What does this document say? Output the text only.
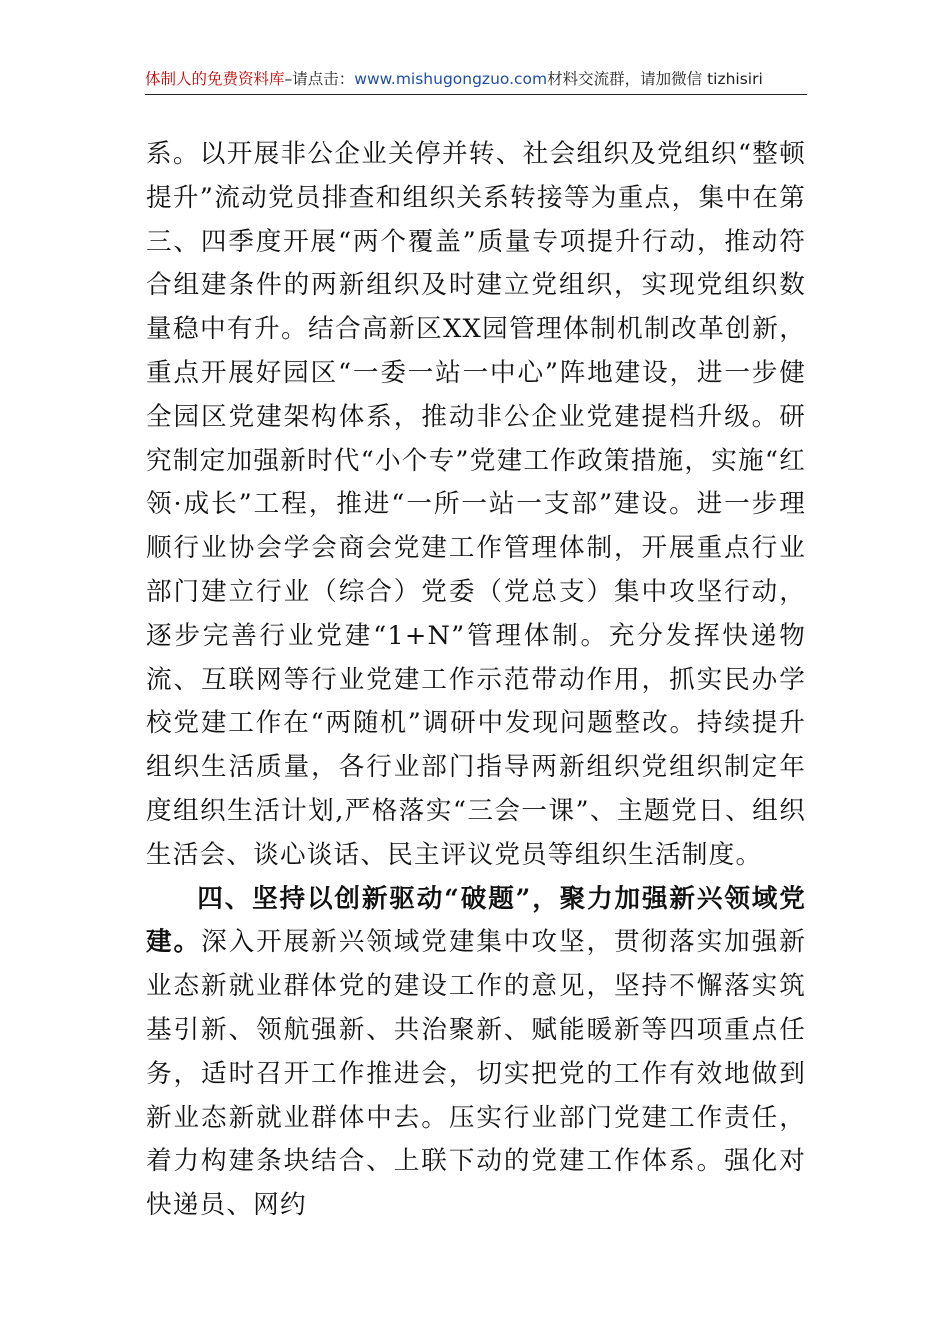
体制人的免费资料库–请点击：www.mishugongzuo.com材料交流群，请加微信 tizhisiri

系。以开展非公企业关停并转、社会组织及党组织“整顿提升”流动党员排查和组织关系转接等为重点，集中在第三、四季度开展“两个覆盖”质量专项提升行动，推动符合组建条件的两新组织及时建立党组织，实现党组织数量稳中有升。结合高新区XX园管理体制机制改革创新，重点开展好园区“一委一站一中心”阵地建设，进一步健全园区党建架构体系，推动非公企业党建提档升级。研究制定加强新时代“小个专”党建工作政策措施，实施“红领·成长”工程，推进“一所一站一支部”建设。进一步理顺行业协会学会商会党建工作管理体制，开展重点行业部门建立行业（综合）党委（党总支）集中攻坚行动，逐步完善行业党建“1+N”管理体制。充分发挥快递物流、互联网等行业党建工作示范带动作用，抓实民办学校党建工作在“两随机”调研中发现问题整改。持续提升组织生活质量，各行业部门指导两新组织党组织制定年度组织生活计划,严格落实“三会一课”、主题党日、组织生活会、谈心谈话、民主评议党员等组织生活制度。

四、坚持以创新驱动“破题”，聚力加强新兴领域党建。深入开展新兴领域党建集中攻坚，贯彻落实加强新业态新就业群体党的建设工作的意见，坚持不懈落实筑基引新、领航强新、共治聚新、赋能暖新等四项重点任务，适时召开工作推进会，切实把党的工作有效地做到新业态新就业群体中去。压实行业部门党建工作责任，着力构建条块结合、上联下动的党建工作体系。强化对快递员、网约
